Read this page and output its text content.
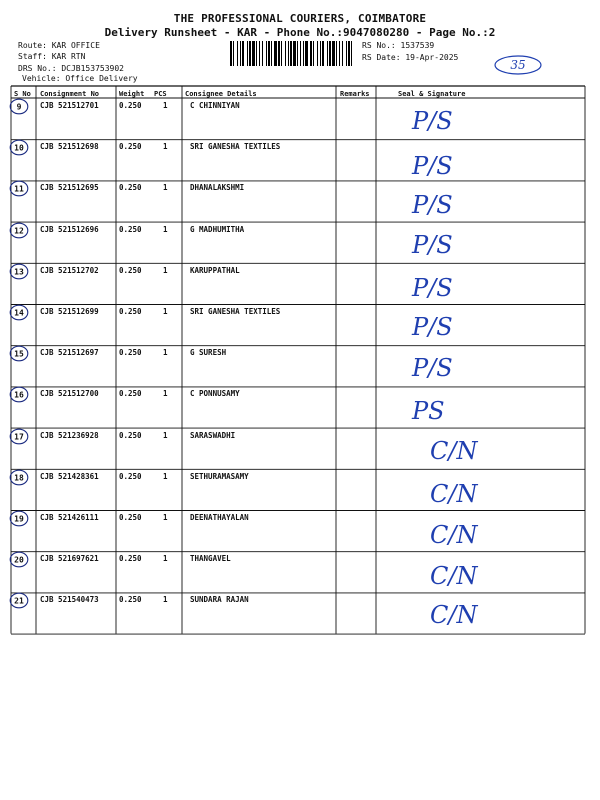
THE PROFESSIONAL COURIERS, COIMBATORE
Delivery Runsheet - KAR - Phone No.:9047080280 - Page No.:2
Route: KAR OFFICE
Staff: KAR RTN
DRS No.: DCJB153753902
Vehicle: Office Delivery
RS No.: 1537539
RS Date: 19-Apr-2025
35
S No Consignment No	Weight PCS	Consignee Details	Remarks	Seal & Signature
9 CJB 521512701	0.250	1	C CHINNIYAN
P/S
10 CJB 521512698	0.250	1	SRI GANESHA TEXTILES
P/S
11 CJB 521512695	0.250	1	DHANALAKSHMI
P/S
12 CJB 521512696	0.250	1	G MADHUMITHA
P/S
13 CJB 521512702	0.250	1	KARUPPATHAL
P/S
14 CJB 521512699	0.250	1	SRI GANESHA TEXTILES
P/S
15 CJB 521512697	0.250	1	G SURESH
P/S
16 CJB 521512700	0.250	1	C PONNUSAMY
PS
17 CJB 521236928	0.250	1	SARASWADHI
C/N
18 CJB 521428361	0.250	1	SETHURAMASAMY
C/N
19 CJB 521426111	0.250	1	DEENATHAYALAN
C/N
20 CJB 521697621	0.250	1	THANGAVEL
C/N
21 CJB 521540473	0.250	1	SUNDARA RAJAN
C/N
